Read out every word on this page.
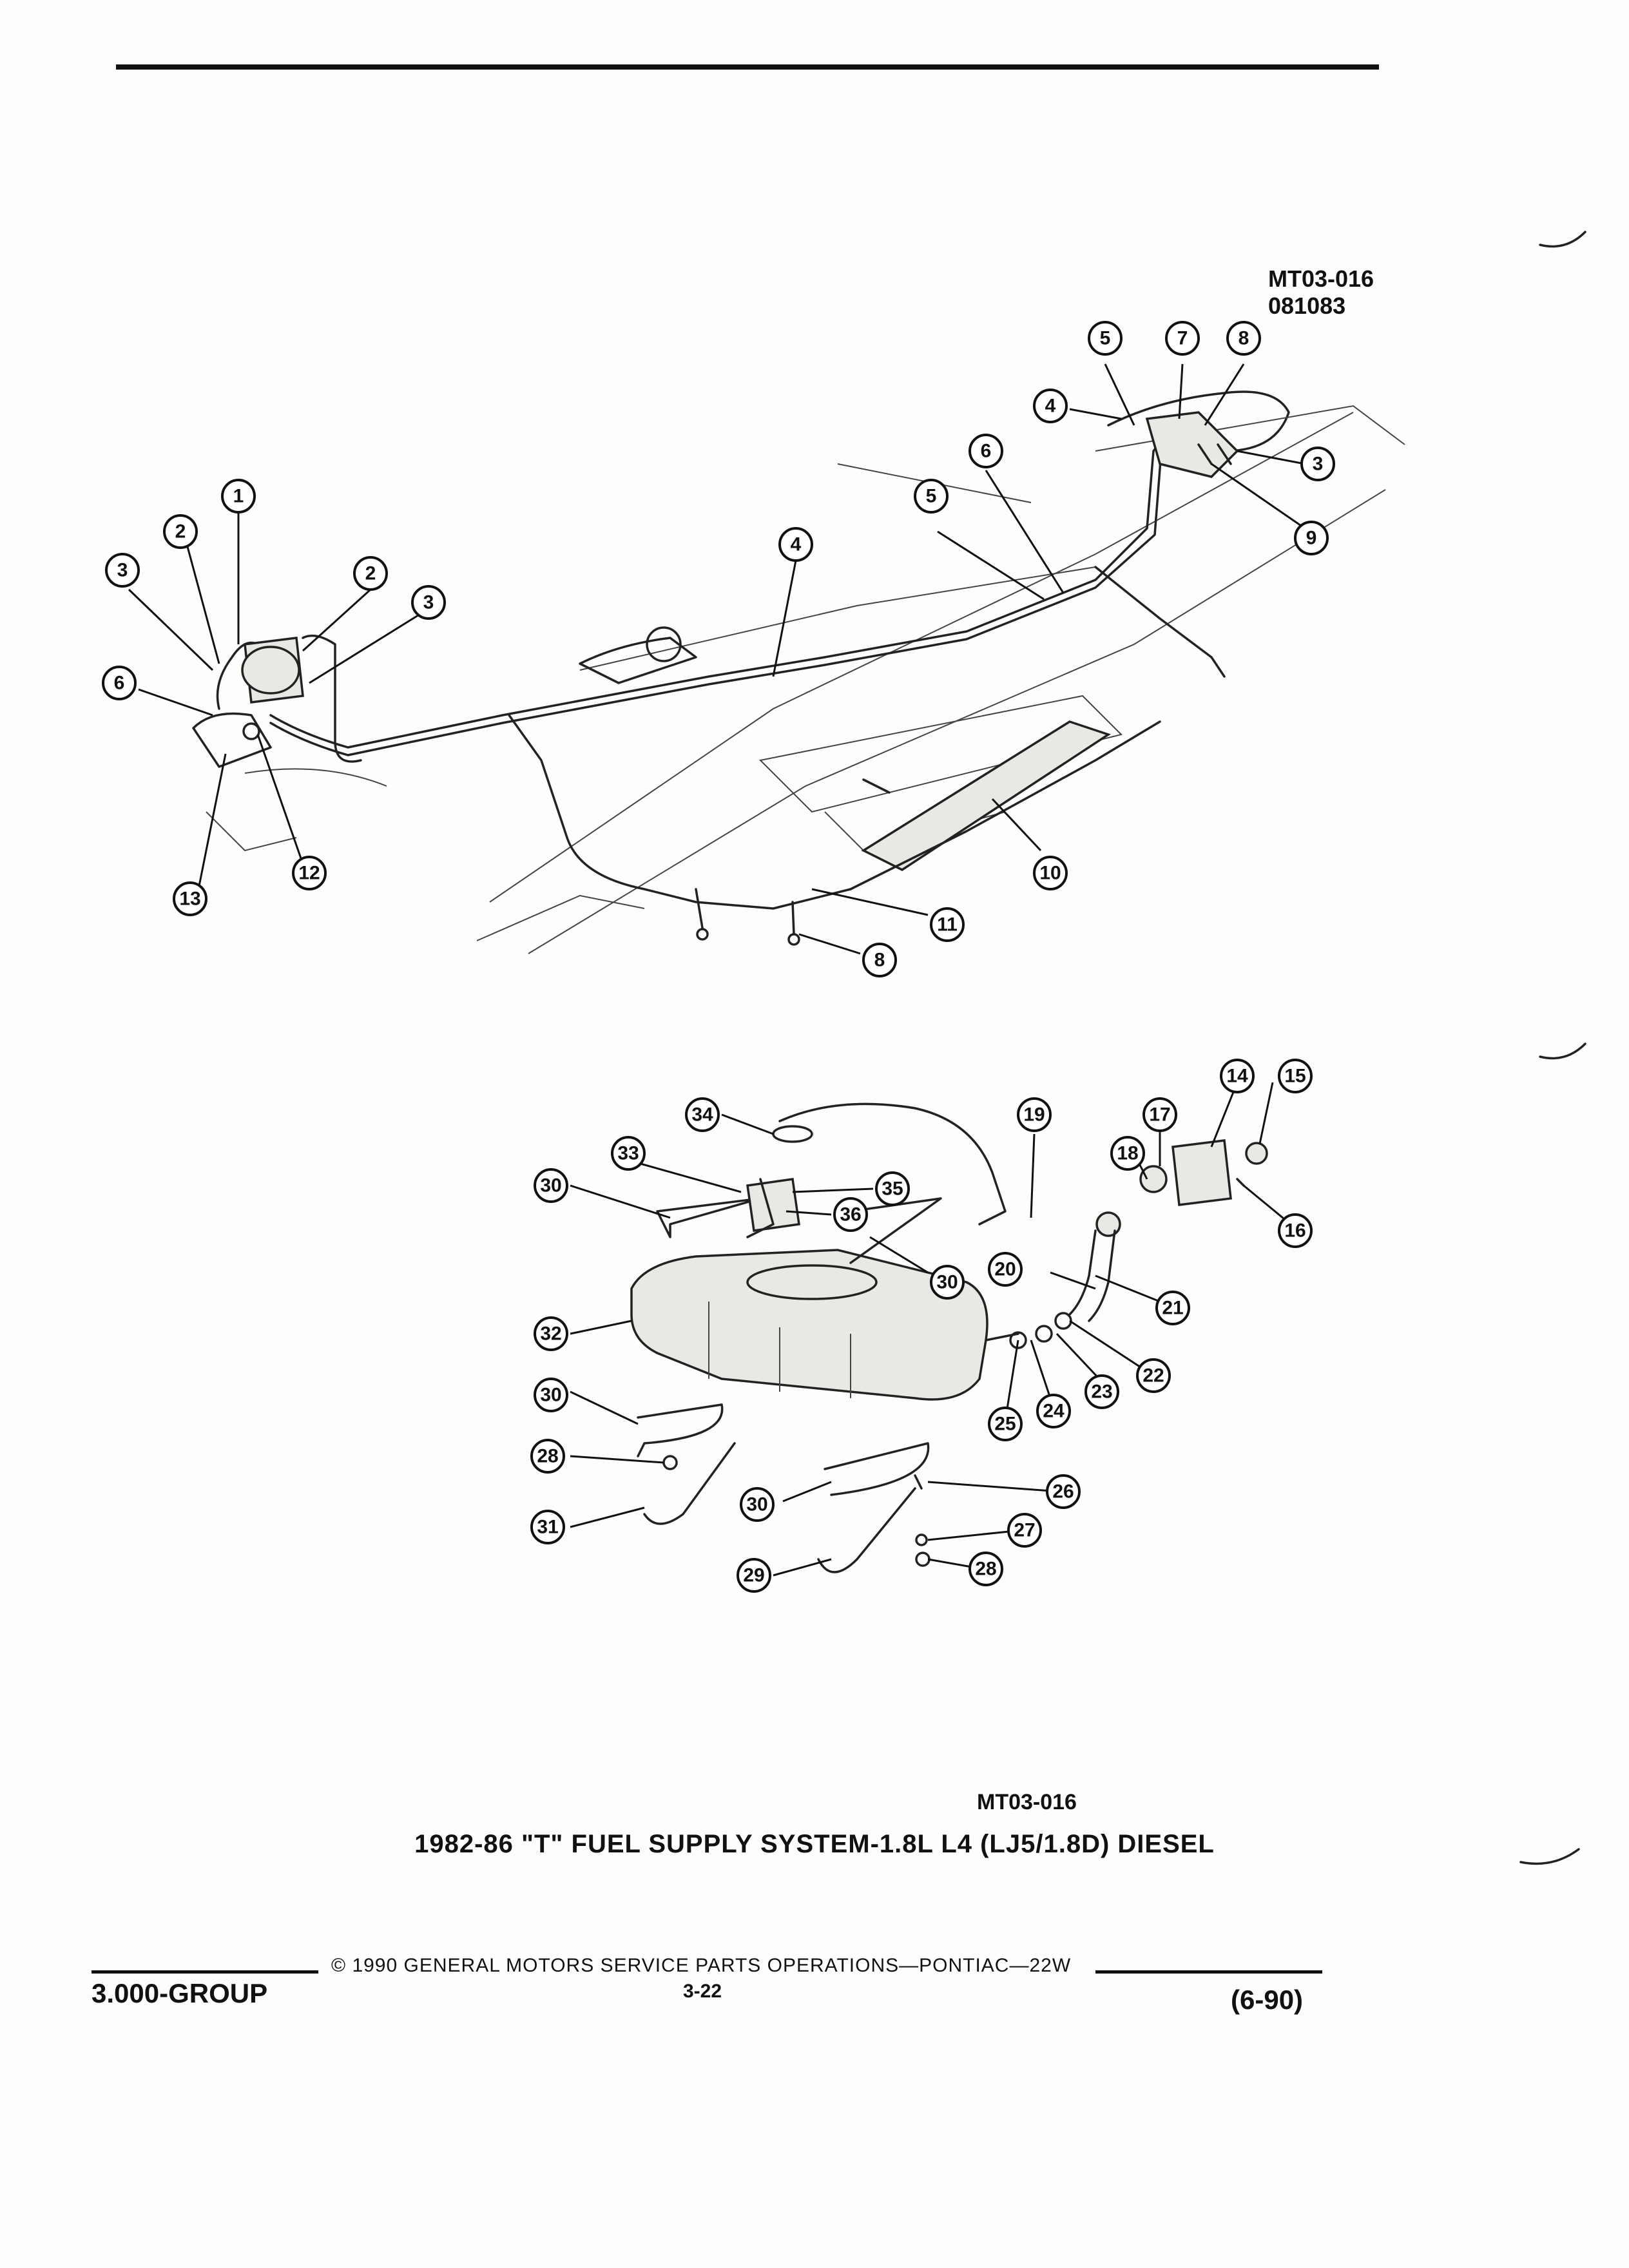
MT03-016
081083
1
2
3
6
13
12
2
3
4
5
6
4
5	7	8
3
9
10
11
8
34	19
33
30	35
36
18
17
14 15
16
30
20
21
32
22
23
24
25
30
28
31
30
26
27
29	28
MT03-016
1982-86 "T" FUEL SUPPLY SYSTEM-1.8L L4 (LJ5/1.8D) DIESEL
© 1990 GENERAL MOTORS SERVICE PARTS OPERATIONS—PONTIAC—22W
3.000-GROUP	3-22	(6-90)
